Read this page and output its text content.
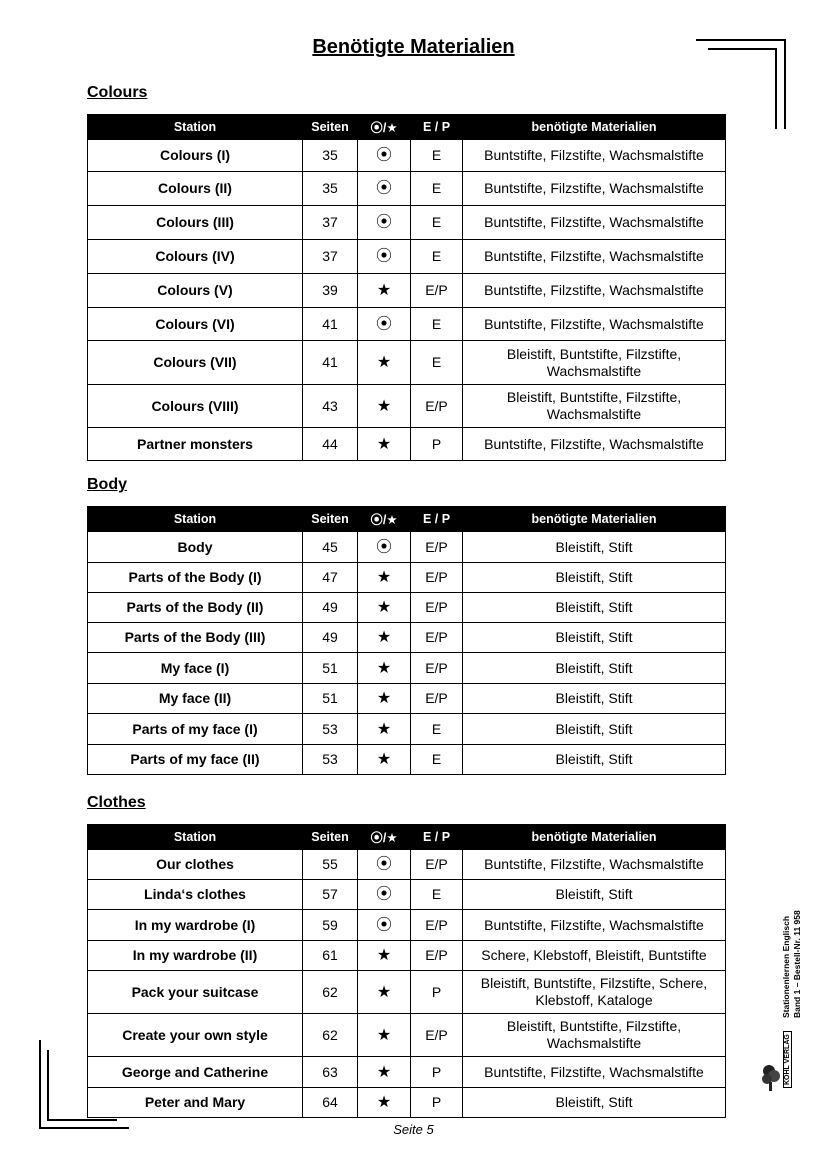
Benötigte Materialien
Colours
Station	Seiten	⦿/★	E / P	benötigte Materialien
Colours (I)	35	⦿	E	Buntstifte, Filzstifte, Wachsmalstifte
Colours (II)	35	⦿	E	Buntstifte, Filzstifte, Wachsmalstifte
Colours (III)	37	⦿	E	Buntstifte, Filzstifte, Wachsmalstifte
Colours (IV)	37	⦿	E	Buntstifte, Filzstifte, Wachsmalstifte
Colours (V)	39	★	E/P	Buntstifte, Filzstifte, Wachsmalstifte
Colours (VI)	41	⦿	E	Buntstifte, Filzstifte, Wachsmalstifte
Colours (VII)	41	★	E	Bleistift, Buntstifte, Filzstifte, Wachsmalstifte
Colours (VIII)	43	★	E/P	Bleistift, Buntstifte, Filzstifte, Wachsmalstifte
Partner monsters	44	★	P	Buntstifte, Filzstifte, Wachsmalstifte
Body
Station	Seiten	⦿/★	E / P	benötigte Materialien
Body	45	⦿	E/P	Bleistift, Stift
Parts of the Body (I)	47	★	E/P	Bleistift, Stift
Parts of the Body (II)	49	★	E/P	Bleistift, Stift
Parts of the Body (III)	49	★	E/P	Bleistift, Stift
My face (I)	51	★	E/P	Bleistift, Stift
My face (II)	51	★	E/P	Bleistift, Stift
Parts of my face (I)	53	★	E	Bleistift, Stift
Parts of my face (II)	53	★	E	Bleistift, Stift
Clothes
Station	Seiten	⦿/★	E / P	benötigte Materialien
Our clothes	55	⦿	E/P	Buntstifte, Filzstifte, Wachsmalstifte
Linda‘s clothes	57	⦿	E	Bleistift, Stift
In my wardrobe (I)	59	⦿	E/P	Buntstifte, Filzstifte, Wachsmalstifte
In my wardrobe (II)	61	★	E/P	Schere, Klebstoff, Bleistift, Buntstifte
Pack your suitcase	62	★	P	Bleistift, Buntstifte, Filzstifte, Schere, Klebstoff, Kataloge
Create your own style	62	★	E/P	Bleistift, Buntstifte, Filzstifte, Wachsmalstifte
George and Catherine	63	★	P	Buntstifte, Filzstifte, Wachsmalstifte
Peter and Mary	64	★	P	Bleistift, Stift
Stationenlernen Englisch Band 1 – Bestell-Nr. 11 958
KOHL VERLAG
Seite 5
